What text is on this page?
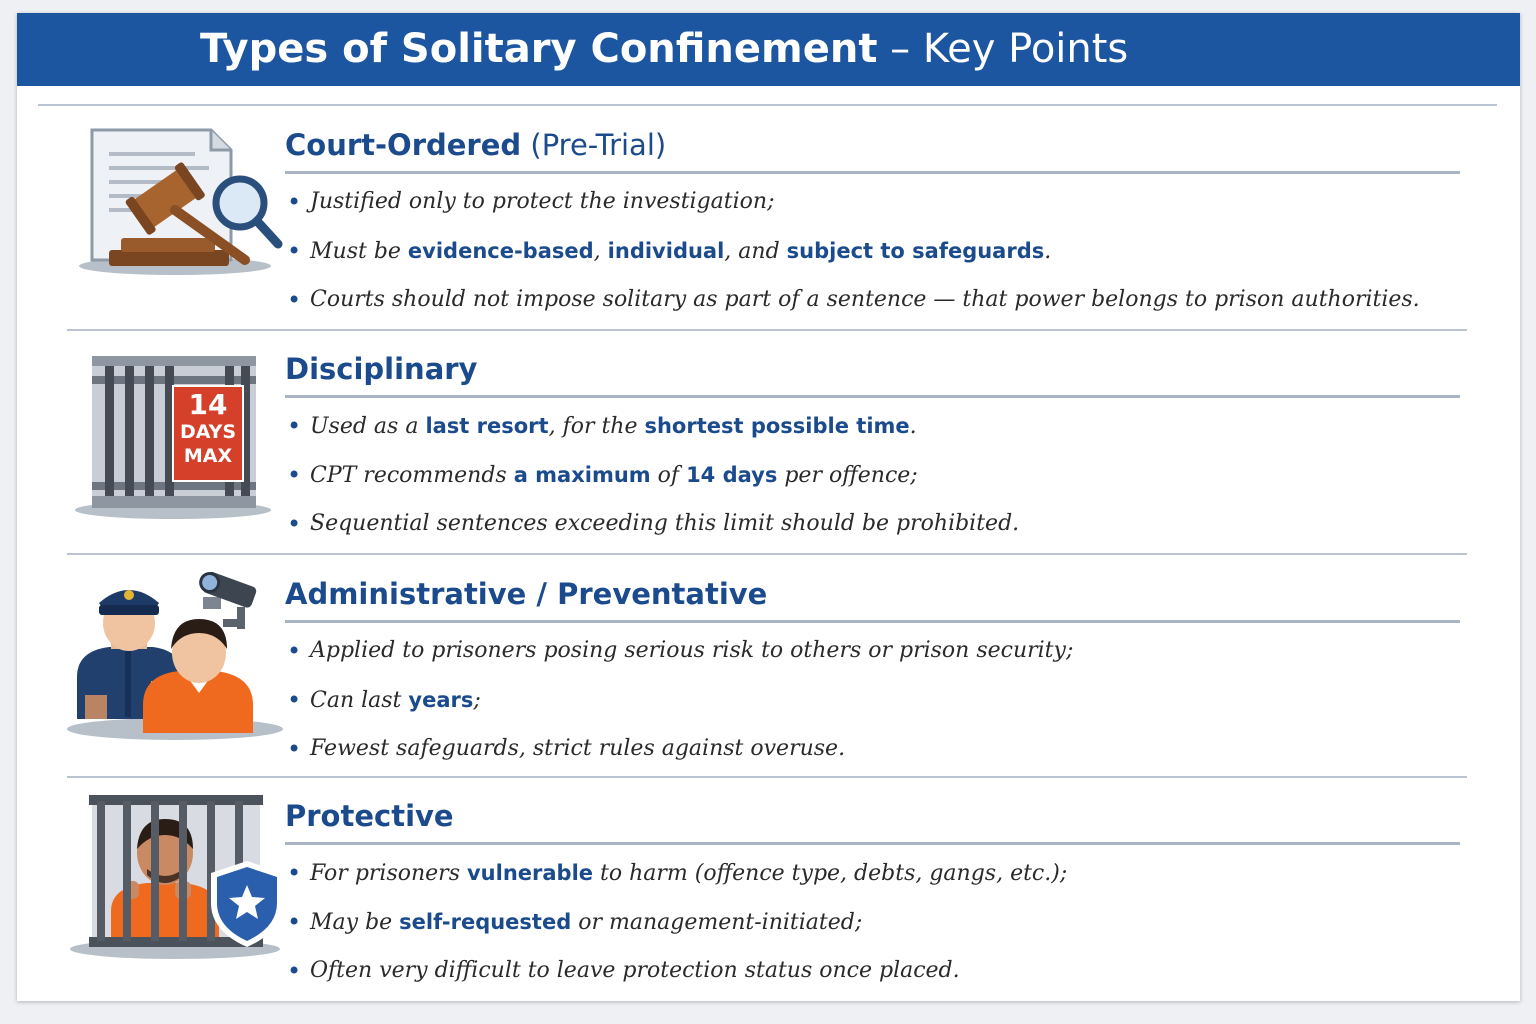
Types of Solitary Confinement – Key Points
Court-Ordered (Pre-Trial)
• Justified only to protect the investigation;
• Must be evidence-based, individual, and subject to safeguards.
• Courts should not impose solitary as part of a sentence — that power belongs to prison authorities.
14
DAYS
MAX
Disciplinary
• Used as a last resort, for the shortest possible time.
• CPT recommends a maximum of 14 days per offence;
• Sequential sentences exceeding this limit should be prohibited.
Administrative / Preventative
• Applied to prisoners posing serious risk to others or prison security;
• Can last years;
• Fewest safeguards, strict rules against overuse.
Protective
• For prisoners vulnerable to harm (offence type, debts, gangs, etc.);
• May be self-requested or management-initiated;
• Often very difficult to leave protection status once placed.
